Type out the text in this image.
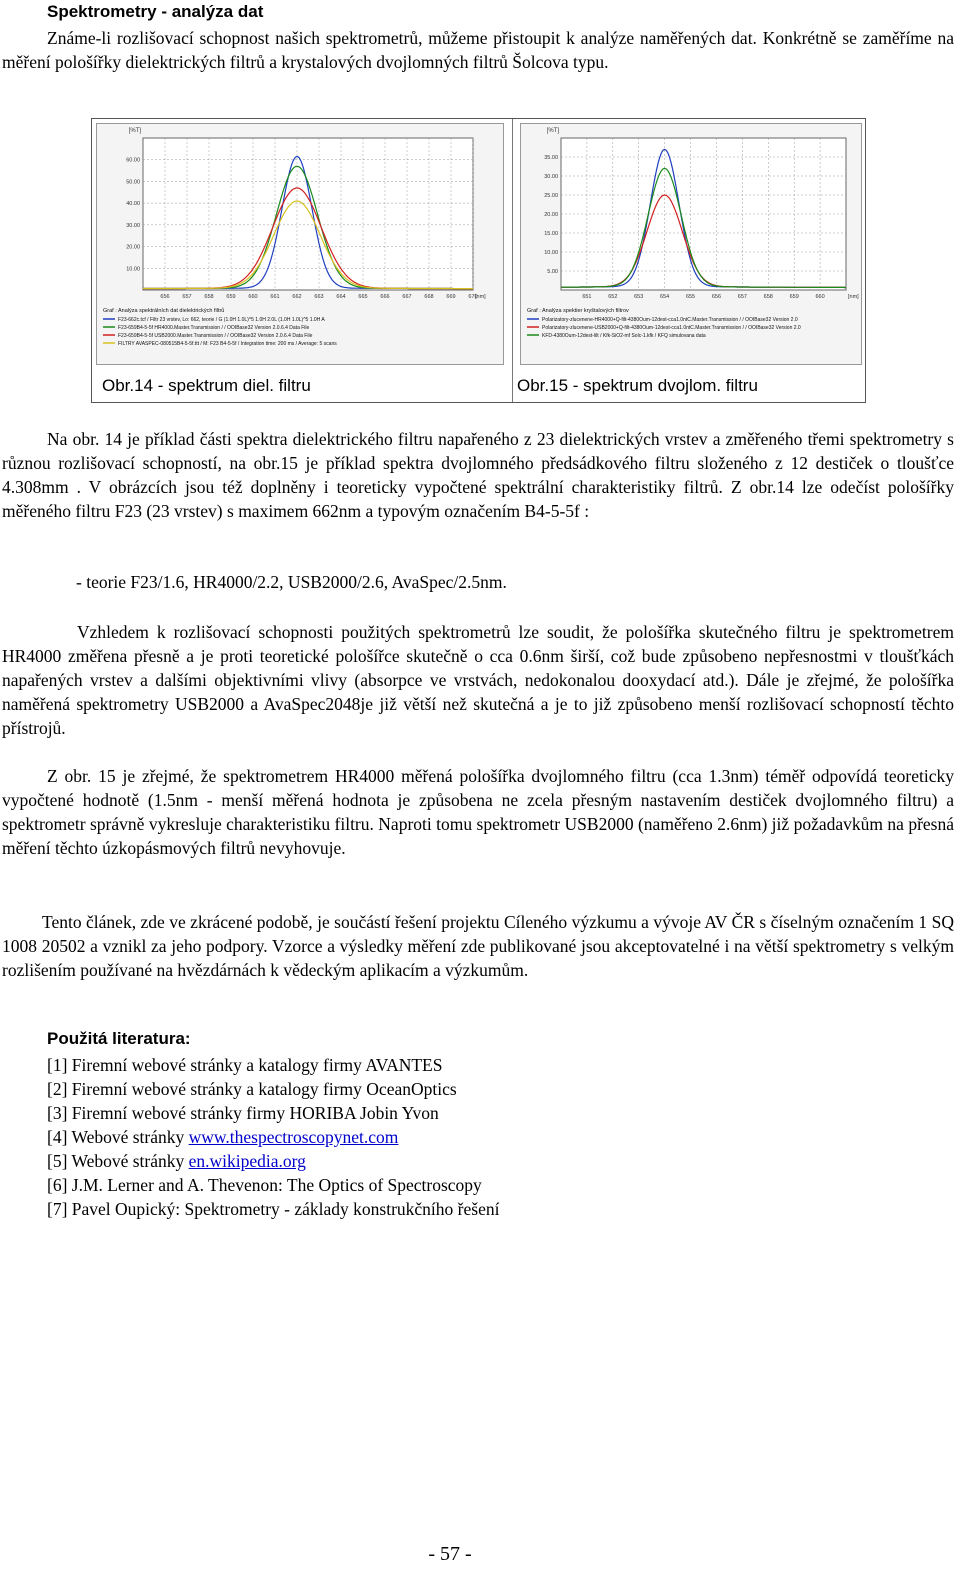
Spektrometry - analýza dat

Známe-li rozlišovací schopnost našich spektrometrů, můžeme přistoupit k analýze naměřených dat. Konkrétně se zaměříme na měření pološířky dielektrických filtrů a krystalových dvojlomných filtrů Šolcova typu.

[%T]
10.00
20.00
30.00
40.00
50.00
60.00
656 657 658 659 660 661 662 663 664 665 666 667 668 669 670
[nm]
Graf : Analýza spektrálních dat dielektrických filtrů
F23-662c.tcf / Filtr 23 vrstev, Lo: 662, teorie / G (1.0H 1.0L)^5 1.0H 2.0L (1.0H 1.0L)^5 1.0H A
F23-659B4-5-5f HR4000.Master.Transmission / / OOIBase32 Version 2.0.6.4 Data File
F23-659B4-5-5f USB2000.Master.Transmission / / OOIBase32 Version 2.0.6.4 Data File
FILTRY AVASPEC-080515B4-5-5f.ttt / M: F23 B4-5-5f / Integration time: 200 ms / Average: 5 scans
Obr.14 - spektrum diel. filtru
[%T]
5.00
10.00
15.00
20.00
25.00
30.00
35.00
651	652	653	654	655	656	657	658	659	660	[nm]
Graf : Analýza spektier kryštalových filtrov
Polarizatory-zlucenene-HR4000+Q-filt-4380Oum-12dest-cca1.0ntC.Master.Transmission / / OOIBase32 Version 2.0
Polarizatory-zlucenene-USB2000+Q-filt-4380Oum-12dest-cca1.0ntC.Master.Transmission / / OOIBase32 Version 2.0
KFD-4380Oum-12dest-lilt / Kfk-SiO2-mf Solc-1.kfk / KFQ simulovana data
Obr.15 - spektrum dvojlom. filtru

Na obr. 14 je příklad části spektra dielektrického filtru napařeného z 23 dielektrických vrstev a změřeného třemi spektrometry s různou rozlišovací schopností, na obr.15 je příklad spektra dvojlomného předsádkového filtru složeného z 12 destiček o tloušťce 4.308mm . V obrázcích jsou též doplněny i teoreticky vypočtené spektrální charakteristiky filtrů. Z obr.14 lze odečíst pološířky měřeného filtru F23 (23 vrstev) s maximem 662nm a typovým označením B4-5-5f :

- teorie F23/1.6, HR4000/2.2, USB2000/2.6, AvaSpec/2.5nm.

Vzhledem k rozlišovací schopnosti použitých spektrometrů lze soudit, že pološířka skutečného filtru je spektrometrem HR4000 změřena přesně a je proti teoretické pološířce skutečně o cca 0.6nm širší, což bude způsobeno nepřesnostmi v tloušťkách napařených vrstev a dalšími objektivními vlivy (absorpce ve vrstvách, nedokonalou dooxydací atd.). Dále je zřejmé, že pološířka naměřená spektrometry USB2000 a AvaSpec2048je již větší než skutečná a je to již způsobeno menší rozlišovací schopností těchto přístrojů.

Z obr. 15 je zřejmé, že spektrometrem HR4000 měřená pološířka dvojlomného filtru (cca 1.3nm) téměř odpovídá teoreticky vypočtené hodnotě (1.5nm - menší měřená hodnota je způsobena ne zcela přesným nastavením destiček dvojlomného filtru) a spektrometr správně vykresluje charakteristiku filtru. Naproti tomu spektrometr USB2000 (naměřeno 2.6nm) již požadavkům na přesná měření těchto úzkopásmových filtrů nevyhovuje.

Tento článek, zde ve zkrácené podobě, je součástí řešení projektu Cíleného výzkumu a vývoje AV ČR s číselným označením 1 SQ 1008 20502 a vznikl za jeho podpory. Vzorce a výsledky měření zde publikované jsou akceptovatelné i na větší spektrometry s velkým rozlišením používané na hvězdárnách k vědeckým aplikacím a výzkumům.

Použitá literatura:
[1] Firemní webové stránky a katalogy firmy AVANTES
[2] Firemní webové stránky a katalogy firmy OceanOptics
[3] Firemní webové stránky firmy HORIBA Jobin Yvon
[4] Webové stránky www.thespectroscopynet.com
[5] Webové stránky en.wikipedia.org
[6] J.M. Lerner and A. Thevenon: The Optics of Spectroscopy
[7] Pavel Oupický: Spektrometry - základy konstrukčního řešení
- 57 -
